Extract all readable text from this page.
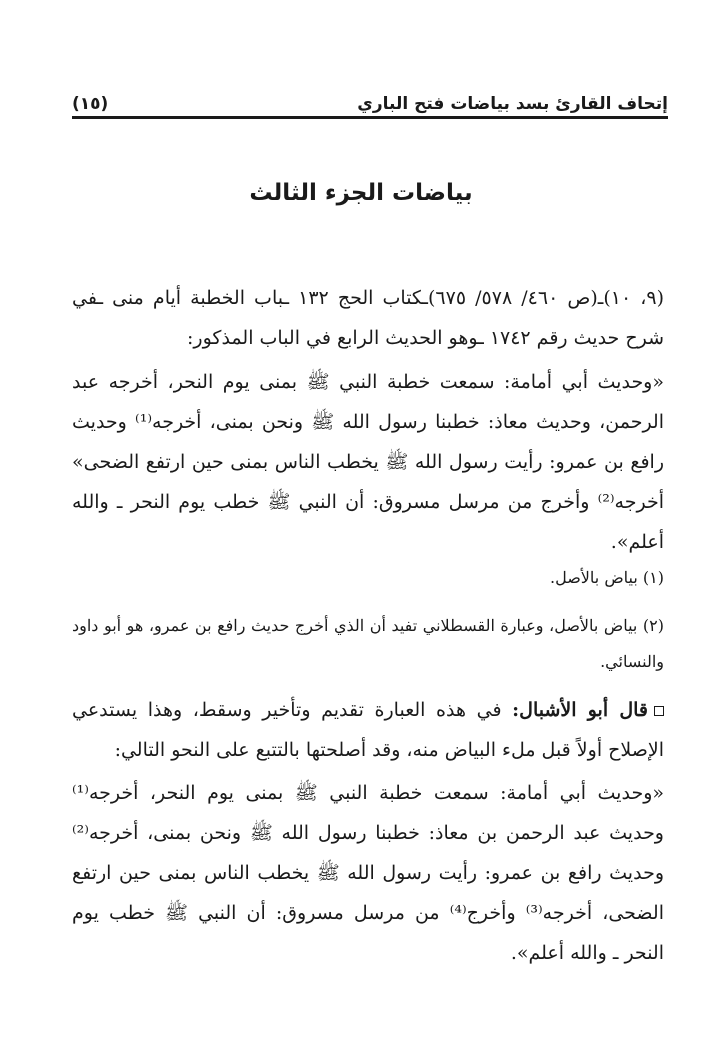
إتحاف القارئ بسد بياضات فتح الباري
(١٥)
بياضات الجزء الثالث
(٩، ١٠)ـ(ص ٤٦٠/ ٥٧٨/ ٦٧٥)ـكتاب الحج ١٣٢ ـباب الخطبة أيام منى ـفي شرح حديث رقم ١٧٤٢ ـوهو الحديث الرابع في الباب المذكور:
«وحديث أبي أمامة: سمعت خطبة النبي ﷺ بمنى يوم النحر، أخرجه عبد الرحمن، وحديث معاذ: خطبنا رسول الله ﷺ ونحن بمنى، أخرجه⁽¹⁾ وحديث رافع بن عمرو: رأيت رسول الله ﷺ يخطب الناس بمنى حين ارتفع الضحى» أخرجه⁽²⁾ وأخرج من مرسل مسروق: أن النبي ﷺ خطب يوم النحر ـ والله أعلم».
(١) بياض بالأصل.
(٢) بياض بالأصل، وعبارة القسطلاني تفيد أن الذي أخرج حديث رافع بن عمرو، هو أبو داود والنسائي.
قال أبو الأشبال: في هذه العبارة تقديم وتأخير وسقط، وهذا يستدعي الإصلاح أولاً قبل ملء البياض منه، وقد أصلحتها بالتتبع على النحو التالي:
«وحديث أبي أمامة: سمعت خطبة النبي ﷺ بمنى يوم النحر، أخرجه⁽¹⁾ وحديث عبد الرحمن بن معاذ: خطبنا رسول الله ﷺ ونحن بمنى، أخرجه⁽²⁾ وحديث رافع بن عمرو: رأيت رسول الله ﷺ يخطب الناس بمنى حين ارتفع الضحى، أخرجه⁽³⁾ وأخرج⁽⁴⁾ من مرسل مسروق: أن النبي ﷺ خطب يوم النحر ـ والله أعلم».
